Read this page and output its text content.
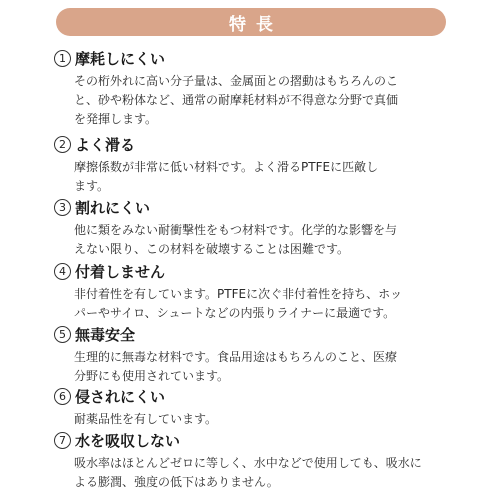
特長
1 摩耗しにくい
その桁外れに高い分子量は、金属面との摺動はもちろんのこ
と、砂や粉体など、通常の耐摩耗材料が不得意な分野で真価
を発揮します。
2 よく滑る
摩擦係数が非常に低い材料です。よく滑るPTFEに匹敵し
ます。
3 割れにくい
他に類をみない耐衝撃性をもつ材料です。化学的な影響を与
えない限り、この材料を破壊することは困難です。
4 付着しません
非付着性を有しています。PTFEに次ぐ非付着性を持ち、ホッ
パーやサイロ、シュートなどの内張りライナーに最適です。
5 無毒安全
生理的に無毒な材料です。食品用途はもちろんのこと、医療
分野にも使用されています。
6 侵されにくい
耐薬品性を有しています。
7 水を吸収しない
吸水率はほとんどゼロに等しく、水中などで使用しても、吸水に
よる膨潤、強度の低下はありません。
